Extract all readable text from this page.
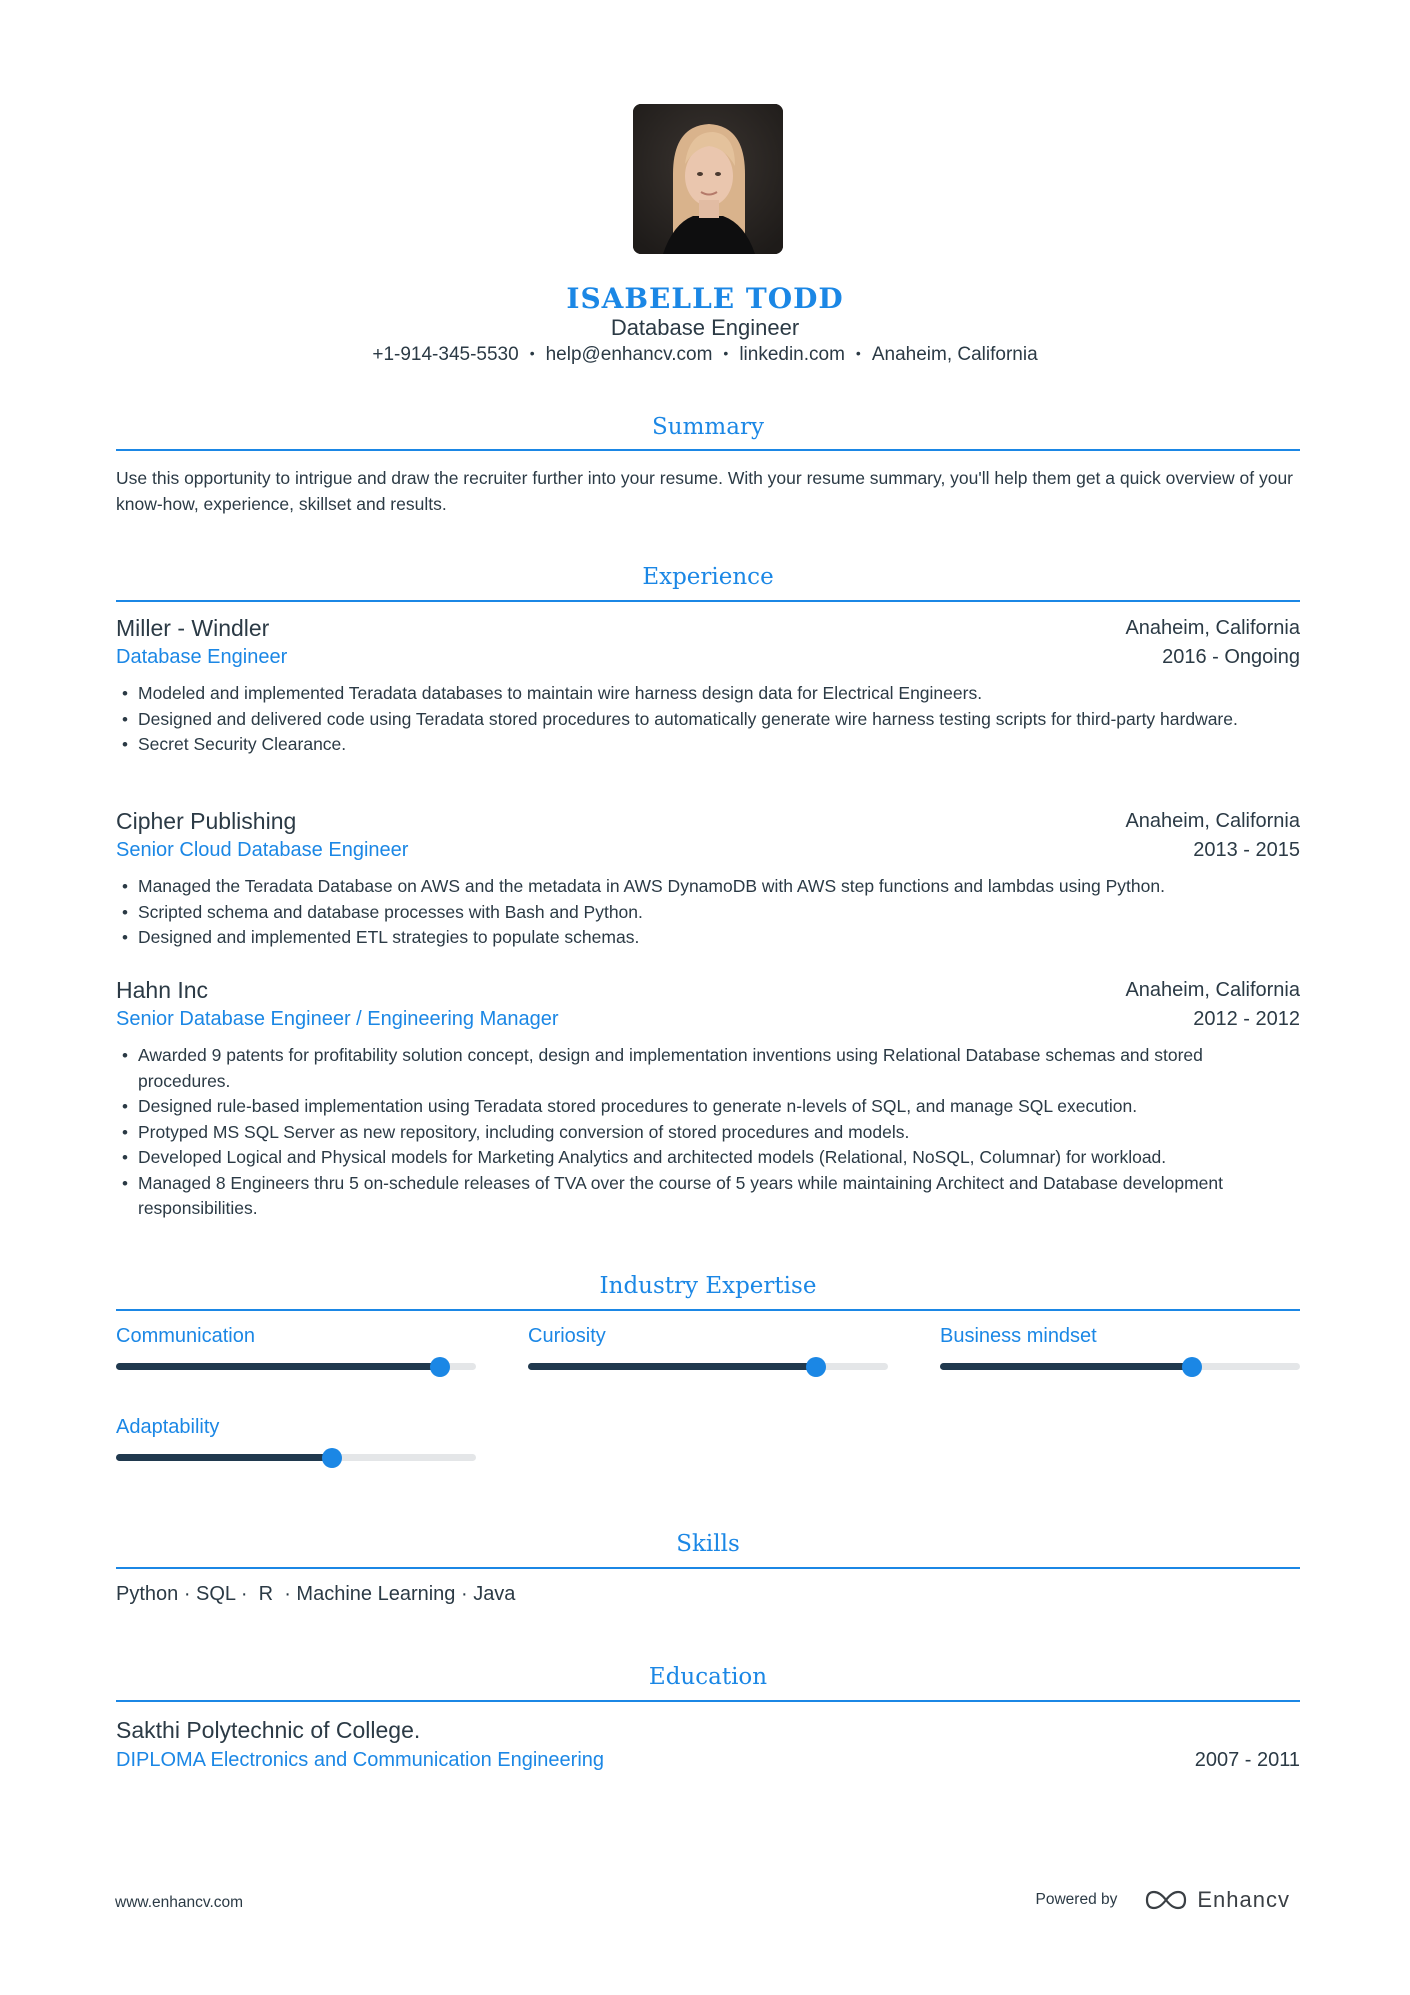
ISABELLE TODD
Database Engineer
+1-914-345-5530 • help@enhancv.com • linkedin.com • Anaheim, California
Summary
Use this opportunity to intrigue and draw the recruiter further into your resume. With your resume summary, you'll help them get a quick overview of your know-how, experience, skillset and results.
Experience
Miller - Windler	Anaheim, California
Database Engineer	2016 - Ongoing
• Modeled and implemented Teradata databases to maintain wire harness design data for Electrical Engineers.
• Designed and delivered code using Teradata stored procedures to automatically generate wire harness testing scripts for third-party hardware.
• Secret Security Clearance.
Cipher Publishing	Anaheim, California
Senior Cloud Database Engineer	2013 - 2015
• Managed the Teradata Database on AWS and the metadata in AWS DynamoDB with AWS step functions and lambdas using Python.
• Scripted schema and database processes with Bash and Python.
• Designed and implemented ETL strategies to populate schemas.
Hahn Inc	Anaheim, California
Senior Database Engineer / Engineering Manager	2012 - 2012
• Awarded 9 patents for profitability solution concept, design and implementation inventions using Relational Database schemas and stored procedures.
• Designed rule-based implementation using Teradata stored procedures to generate n-levels of SQL, and manage SQL execution.
• Protyped MS SQL Server as new repository, including conversion of stored procedures and models.
• Developed Logical and Physical models for Marketing Analytics and architected models (Relational, NoSQL, Columnar) for workload.
• Managed 8 Engineers thru 5 on-schedule releases of TVA over the course of 5 years while maintaining Architect and Database development responsibilities.
Industry Expertise
Communication	Curiosity	Business mindset
Adaptability
Skills
Python · SQL ·  R  · Machine Learning · Java
Education
Sakthi Polytechnic of College.
DIPLOMA Electronics and Communication Engineering	2007 - 2011
www.enhancv.com	Powered by	Enhancv
